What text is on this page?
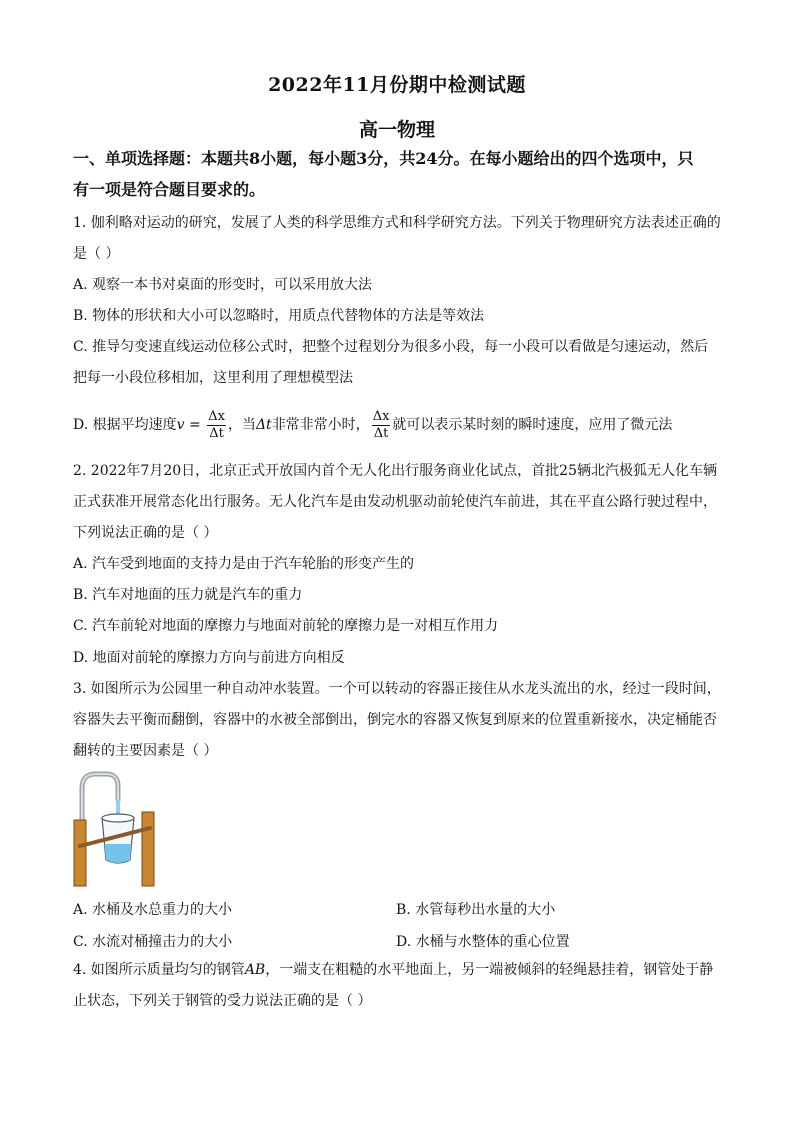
2022年11月份期中检测试题
高一物理
一、单项选择题：本题共8小题，每小题3分，共24分。在每小题给出的四个选项中，只
有一项是符合题目要求的。
1. 伽利略对运动的研究，发展了人类的科学思维方式和科学研究方法。下列关于物理研究方法表述正确的
是（ ）
A. 观察一本书对桌面的形变时，可以采用放大法
B. 物体的形状和大小可以忽略时，用质点代替物体的方法是等效法
C. 推导匀变速直线运动位移公式时，把整个过程划分为很多小段，每一小段可以看做是匀速运动，然后
把每一小段位移相加，这里利用了理想模型法
D. 根据平均速度$v = \frac{\Delta x}{\Delta t}$ ，当Δt非常非常小时， $\frac{\Delta x}{\Delta t}$ 就可以表示某时刻的瞬时速度，应用了微元法
2. 2022年7月20日，北京正式开放国内首个无人化出行服务商业化试点，首批25辆北汽极狐无人化车辆
正式获准开展常态化出行服务。无人化汽车是由发动机驱动前轮使汽车前进，其在平直公路行驶过程中，
下列说法正确的是（ ）
A. 汽车受到地面的支持力是由于汽车轮胎的形变产生的
B. 汽车对地面的压力就是汽车的重力
C. 汽车前轮对地面的摩擦力与地面对前轮的摩擦力是一对相互作用力
D. 地面对前轮的摩擦力方向与前进方向相反
3. 如图所示为公园里一种自动冲水装置。一个可以转动的容器正接住从水龙头流出的水，经过一段时间，
容器失去平衡而翻倒，容器中的水被全部倒出，倒完水的容器又恢复到原来的位置重新接水，决定桶能否
翻转的主要因素是（ ）
A. 水桶及水总重力的大小	B. 水管每秒出水量的大小
C. 水流对桶撞击力的大小	D. 水桶与水整体的重心位置
4. 如图所示质量均匀的钢管AB，一端支在粗糙的水平地面上，另一端被倾斜的轻绳悬挂着，钢管处于静
止状态，下列关于钢管的受力说法正确的是（ ）
